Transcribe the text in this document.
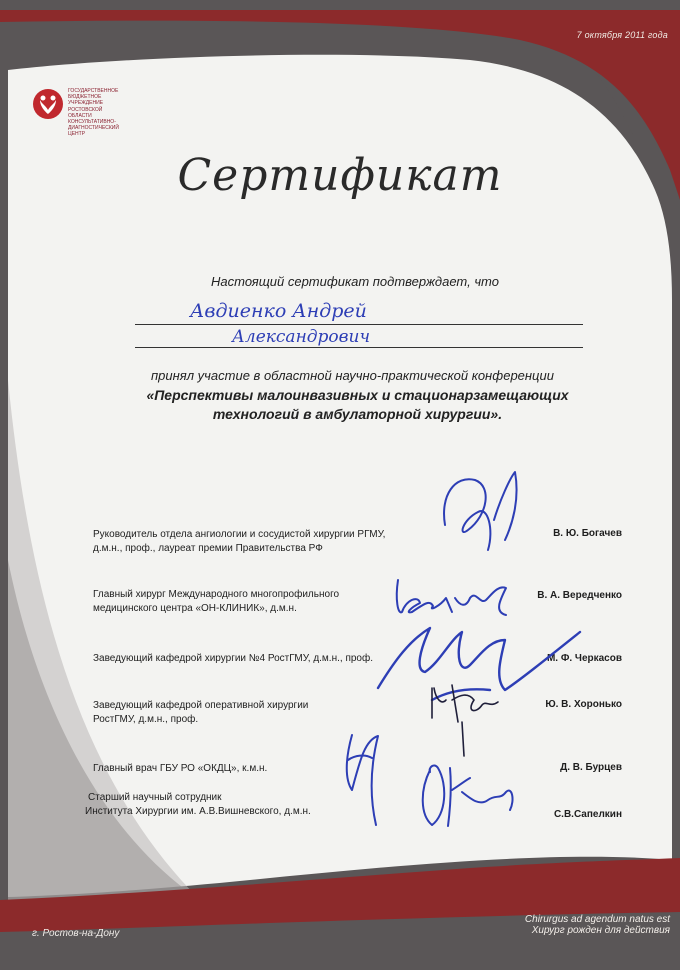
7 октября 2011 года
ГОСУДАРСТВЕННОЕ
БЮДЖЕТНОЕ
УЧРЕЖДЕНИЕ
РОСТОВСКОЙ
ОБЛАСТИ
КОНСУЛЬТАТИВНО-
ДИАГНОСТИЧЕСКИЙ
ЦЕНТР
Сертификат
Настоящий сертификат подтверждает, что
Авдиенко Андрей
Александрович
принял участие в областной научно-практической конференции
«Перспективы малоинвазивных и стационарзамещающих
технологий в амбулаторной хирургии».
Руководитель отдела ангиологии и сосудистой хирургии РГМУ,
д.м.н., проф., лауреат премии Правительства РФ
В. Ю. Богачев
Главный хирург Международного многопрофильного
медицинского центра «ОН-КЛИНИК», д.м.н.
В. А. Вередченко
Заведующий кафедрой хирургии №4 РостГМУ, д.м.н., проф.	М. Ф. Черкасов
Заведующий кафедрой оперативной хирургии
РостГМУ, д.м.н., проф.
Ю. В. Хоронько
Главный врач ГБУ РО «ОКДЦ», к.м.н.	Д. В. Бурцев
Старший научный сотрудник
Института Хирургии им. А.В.Вишневского, д.м.н.	С.В.Сапелкин
г. Ростов-на-Дону
Chirurgus ad agendum natus est
Хирург рожден для действия
